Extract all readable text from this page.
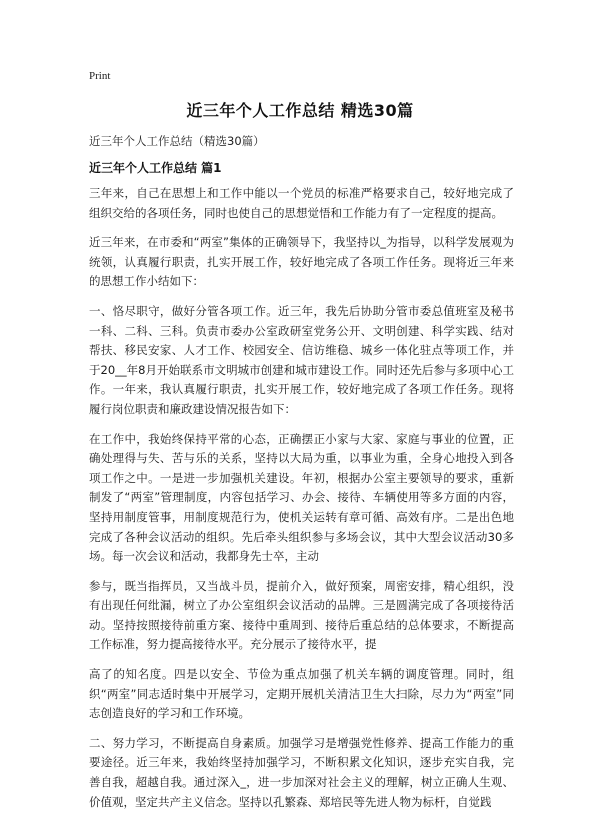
Print
近三年个人工作总结 精选30篇
近三年个人工作总结（精选30篇）
近三年个人工作总结 篇1

三年来，自己在思想上和工作中能以一个党员的标准严格要求自己，较好地完成了组织交给的各项任务，同时也使自己的思想觉悟和工作能力有了一定程度的提高。

近三年来，在市委和“两室”集体的正确领导下，我坚持以_为指导，以科学发展观为统领，认真履行职责，扎实开展工作，较好地完成了各项工作任务。现将近三年来的思想工作小结如下：

一、恪尽职守，做好分管各项工作。近三年，我先后协助分管市委总值班室及秘书一科、二科、三科。负责市委办公室政研室党务公开、文明创建、科学实践、结对帮扶、移民安家、人才工作、校园安全、信访维稳、城乡一体化驻点等项工作，并于20__年8月开始联系市文明城市创建和城市建设工作。同时还先后参与多项中心工作。一年来，我认真履行职责，扎实开展工作，较好地完成了各项工作任务。现将履行岗位职责和廉政建设情况报告如下：

在工作中，我始终保持平常的心态，正确摆正小家与大家、家庭与事业的位置，正确处理得与失、苦与乐的关系，坚持以大局为重，以事业为重，全身心地投入到各项工作之中。一是进一步加强机关建设。年初，根据办公室主要领导的要求，重新制发了“两室”管理制度，内容包括学习、办会、接待、车辆使用等多方面的内容，坚持用制度管事，用制度规范行为，使机关运转有章可循、高效有序。二是出色地完成了各种会议活动的组织。先后牵头组织参与多场会议，其中大型会议活动30多场。每一次会议和活动，我都身先士卒，主动

参与，既当指挥员，又当战斗员，提前介入，做好预案，周密安排，精心组织，没有出现任何纰漏，树立了办公室组织会议活动的品牌。三是圆满完成了各项接待活动。坚持按照接待前重方案、接待中重周到、接待后重总结的总体要求，不断提高工作标准，努力提高接待水平。充分展示了接待水平，提

高了的知名度。四是以安全、节俭为重点加强了机关车辆的调度管理。同时，组织“两室”同志适时集中开展学习，定期开展机关清洁卫生大扫除，尽力为“两室”同志创造良好的学习和工作环境。

二、努力学习，不断提高自身素质。加强学习是增强党性修养、提高工作能力的重要途径。近三年来，我始终坚持加强学习，不断积累文化知识，逐步充实自我，完善自我，超越自我。通过深入_，进一步加深对社会主义的理解，树立正确人生观、价值观，坚定共产主义信念。坚持以孔繁森、郑培民等先进人物为标杆，自觉践
